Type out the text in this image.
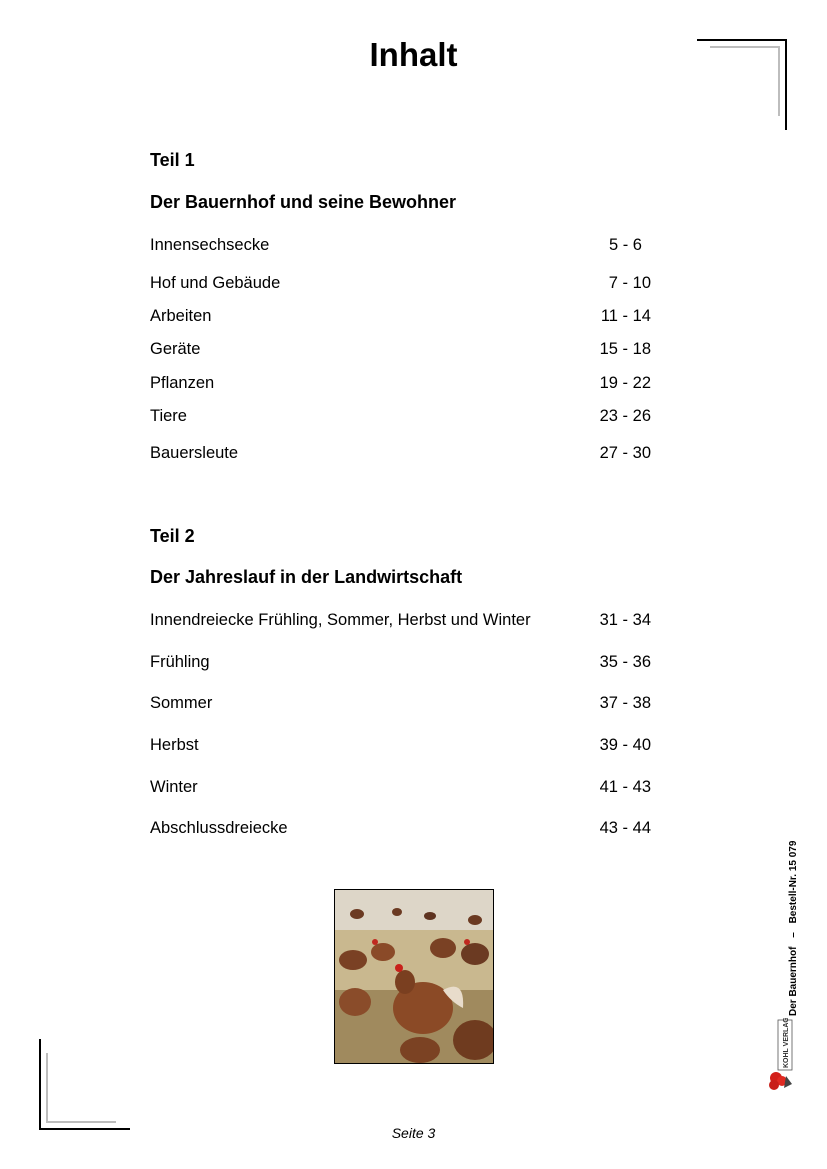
Inhalt
Teil 1
Der Bauernhof und seine Bewohner
Innensechsecke	5 - 6
Hof und Gebäude	7 - 10
Arbeiten	11 - 14
Geräte	15 - 18
Pflanzen	19 - 22
Tiere	23 - 26
Bauersleute	27 - 30
Teil 2
Der Jahreslauf in der Landwirtschaft
Innendreiecke Frühling, Sommer, Herbst und Winter	31 - 34
Frühling	35 - 36
Sommer	37 - 38
Herbst	39 - 40
Winter	41 - 43
Abschlussdreiecke	43 - 44
Der Bauernhof – Bestell-Nr. 15 079
KOHL VERLAG
Seite 3
